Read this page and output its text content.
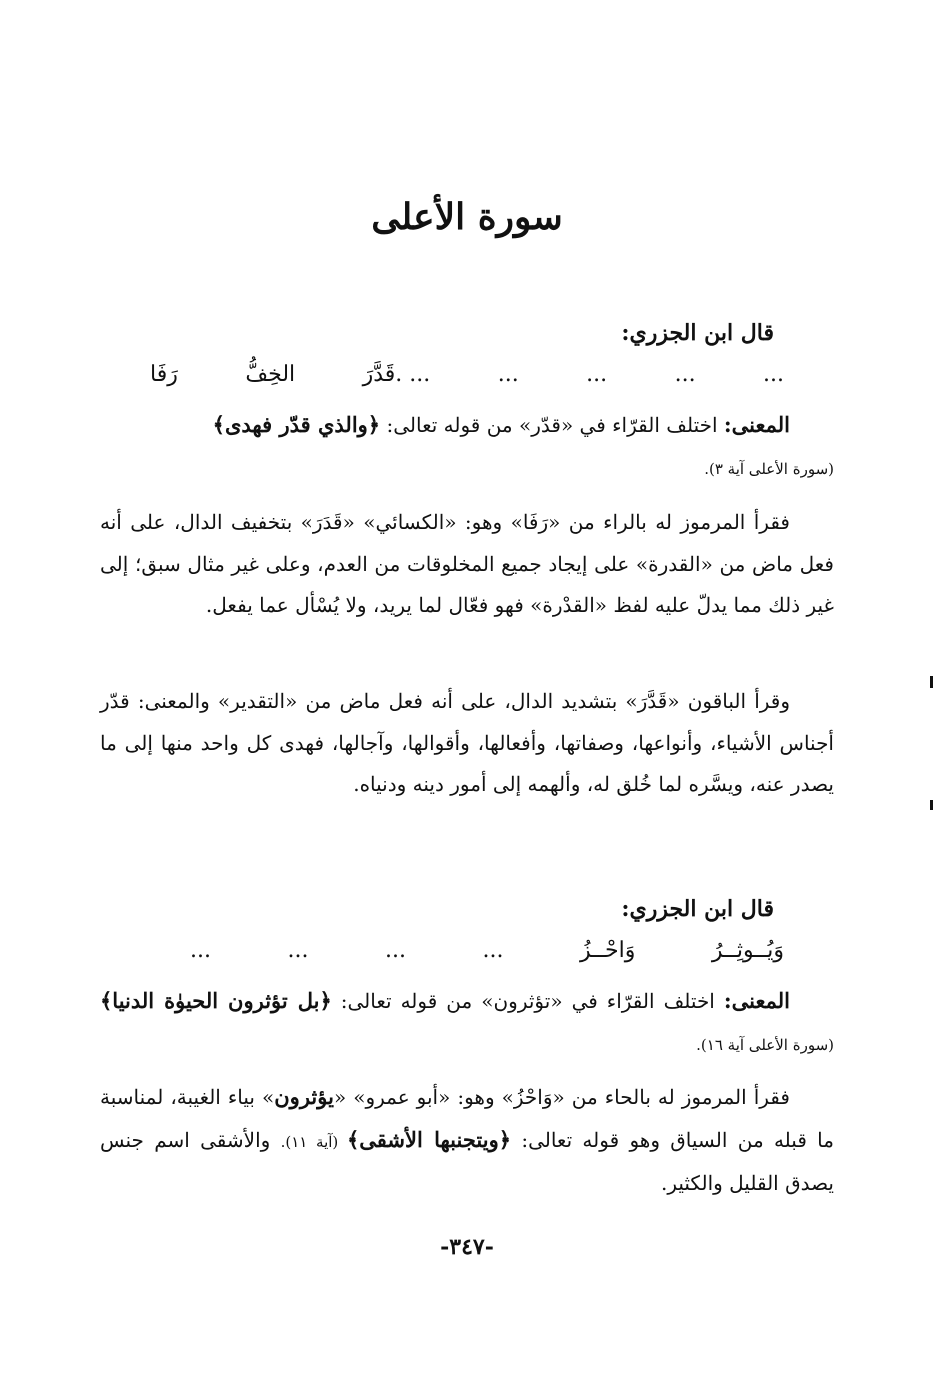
سورة الأعلى
قال ابن الجزري:
...
...
...
...
... .قَدَّرَ
الخِفُّ
رَفَا
المعنى: اختلف القرّاء في «قدّر» من قوله تعالى: ﴿والذي قدّر فهدى﴾
(سورة الأعلى آية ٣).
فقرأ المرموز له بالراء من «رَفَا» وهو: «الكسائي» «قَدَرَ» بتخفيف الدال، على أنه فعل ماض من «القدرة» على إيجاد جميع المخلوقات من العدم، وعلى غير مثال سبق؛ إلى غير ذلك مما يدلّ عليه لفظ «القدْرة» فهو فعّال لما يريد، ولا يُسْأل عما يفعل.
وقرأ الباقون «قَدَّرَ» بتشديد الدال، على أنه فعل ماض من «التقدير» والمعنى: قدّر أجناس الأشياء، وأنواعها، وصفاتها، وأفعالها، وأقوالها، وآجالها، فهدى كل واحد منها إلى ما يصدر عنه، ويسَّره لما خُلق له، وألهمه إلى أمور دينه ودنياه.
قال ابن الجزري:
وَيُــوثِــرُ
وَاحْــزُ
...
...
...
...
المعنى: اختلف القرّاء في «تؤثرون» من قوله تعالى: ﴿بل تؤثرون الحيوٰة الدنيا﴾ (سورة الأعلى آية ١٦).
فقرأ المرموز له بالحاء من «وَاحْزُ» وهو: «أبو عمرو» «يؤثرون» بياء الغيبة، لمناسبة ما قبله من السياق وهو قوله تعالى: ﴿ويتجنبها الأشقى﴾ (آية ١١). والأشقى اسم جنس يصدق القليل والكثير.
-٣٤٧-
